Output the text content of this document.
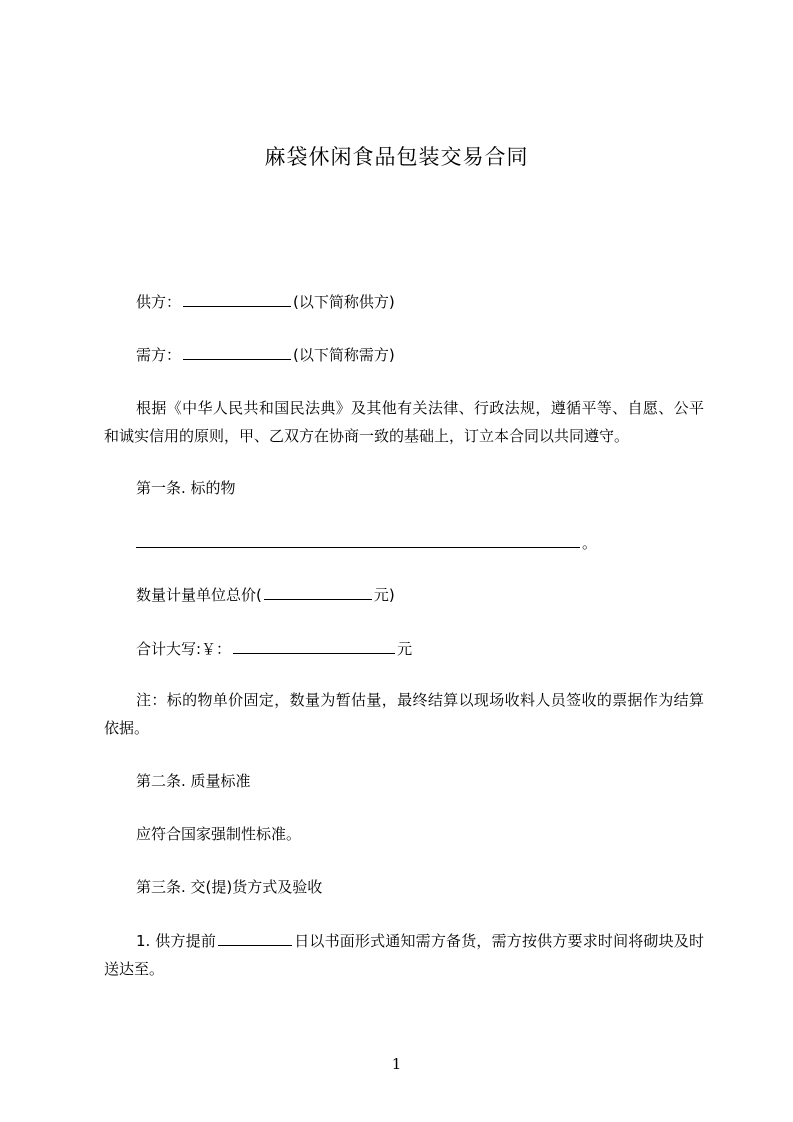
麻袋休闲食品包装交易合同
供方：	(以下简称供方)
需方：	(以下简称需方)
根据《中华人民共和国民法典》及其他有关法律、行政法规，遵循平等、自愿、公平和诚实信用的原则，甲、乙双方在协商一致的基础上，订立本合同以共同遵守。
第一条. 标的物
。
数量计量单位总价(	元)
合计大写:￥：	元
注：标的物单价固定，数量为暂估量，最终结算以现场收料人员签收的票据作为结算依据。
第二条. 质量标准
应符合国家强制性标准。
第三条. 交(提)货方式及验收
1. 供方提前	日以书面形式通知需方备货，需方按供方要求时间将砌块及时送达至。
1
